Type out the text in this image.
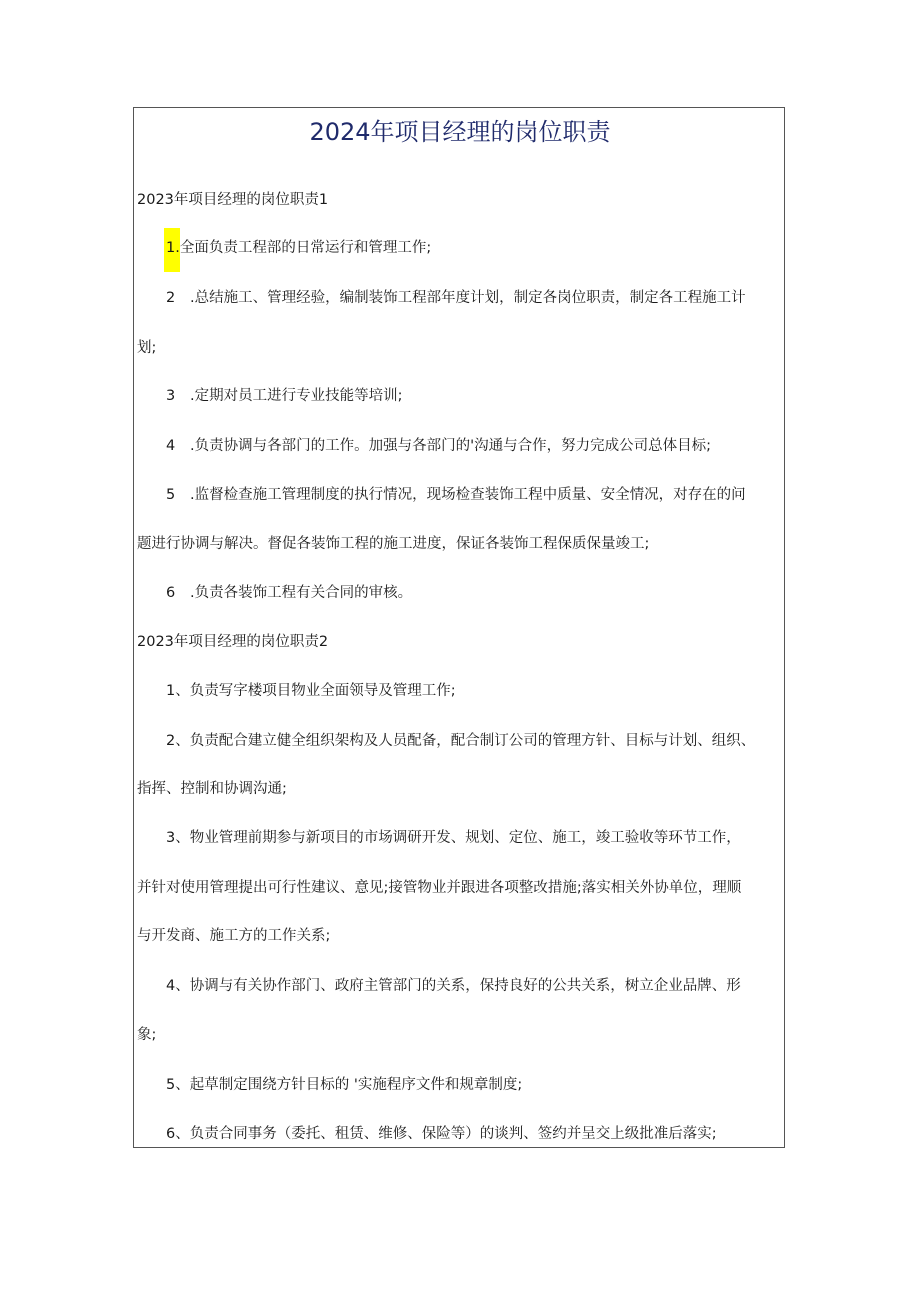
2024年项目经理的岗位职责

2023年项目经理的岗位职责1

1.全面负责工程部的日常运行和管理工作;

2 .总结施工、管理经验，编制装饰工程部年度计划，制定各岗位职责，制定各工程施工计

划;

3 .定期对员工进行专业技能等培训;

4 .负责协调与各部门的工作。加强与各部门的'沟通与合作，努力完成公司总体目标;

5 .监督检查施工管理制度的执行情况，现场检查装饰工程中质量、安全情况，对存在的问

题进行协调与解决。督促各装饰工程的施工进度，保证各装饰工程保质保量竣工;

6 .负责各装饰工程有关合同的审核。

2023年项目经理的岗位职责2

1、负责写字楼项目物业全面领导及管理工作;

2、负责配合建立健全组织架构及人员配备，配合制订公司的管理方针、目标与计划、组织、

指挥、控制和协调沟通;

3、物业管理前期参与新项目的市场调研开发、规划、定位、施工，竣工验收等环节工作，

并针对使用管理提出可行性建议、意见;接管物业并跟进各项整改措施;落实相关外协单位，理顺

与开发商、施工方的工作关系;

4、协调与有关协作部门、政府主管部门的关系，保持良好的公共关系，树立企业品牌、形

象;

5、起草制定围绕方针目标的 '实施程序文件和规章制度;

6、负责合同事务（委托、租赁、维修、保险等）的谈判、签约并呈交上级批准后落实;
